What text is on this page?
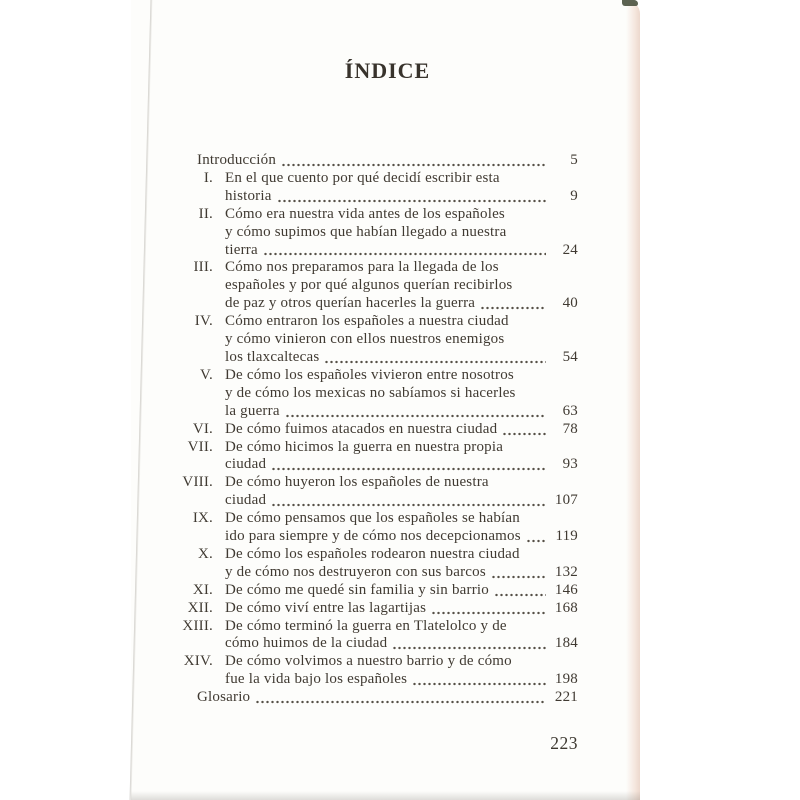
ÍNDICE
Introducción	5
I. En el que cuento por qué decidí escribir esta
historia	9
II. Cómo era nuestra vida antes de los españoles
y cómo supimos que habían llegado a nuestra
tierra	24
III. Cómo nos preparamos para la llegada de los
españoles y por qué algunos querían recibirlos
de paz y otros querían hacerles la guerra	40
IV. Cómo entraron los españoles a nuestra ciudad
y cómo vinieron con ellos nuestros enemigos
los tlaxcaltecas	54
V. De cómo los españoles vivieron entre nosotros
y de cómo los mexicas no sabíamos si hacerles
la guerra	63
VI. De cómo fuimos atacados en nuestra ciudad	78
VII. De cómo hicimos la guerra en nuestra propia
ciudad	93
VIII. De cómo huyeron los españoles de nuestra
ciudad	107
IX. De cómo pensamos que los españoles se habían
ido para siempre y de cómo nos decepcionamos 119
X. De cómo los españoles rodearon nuestra ciudad
y de cómo nos destruyeron con sus barcos	132
XI. De cómo me quedé sin familia y sin barrio	146
XII. De cómo viví entre las lagartijas	168
XIII. De cómo terminó la guerra en Tlatelolco y de
cómo huimos de la ciudad	184
XIV. De cómo volvimos a nuestro barrio y de cómo
fue la vida bajo los españoles	198
Glosario	221
223
